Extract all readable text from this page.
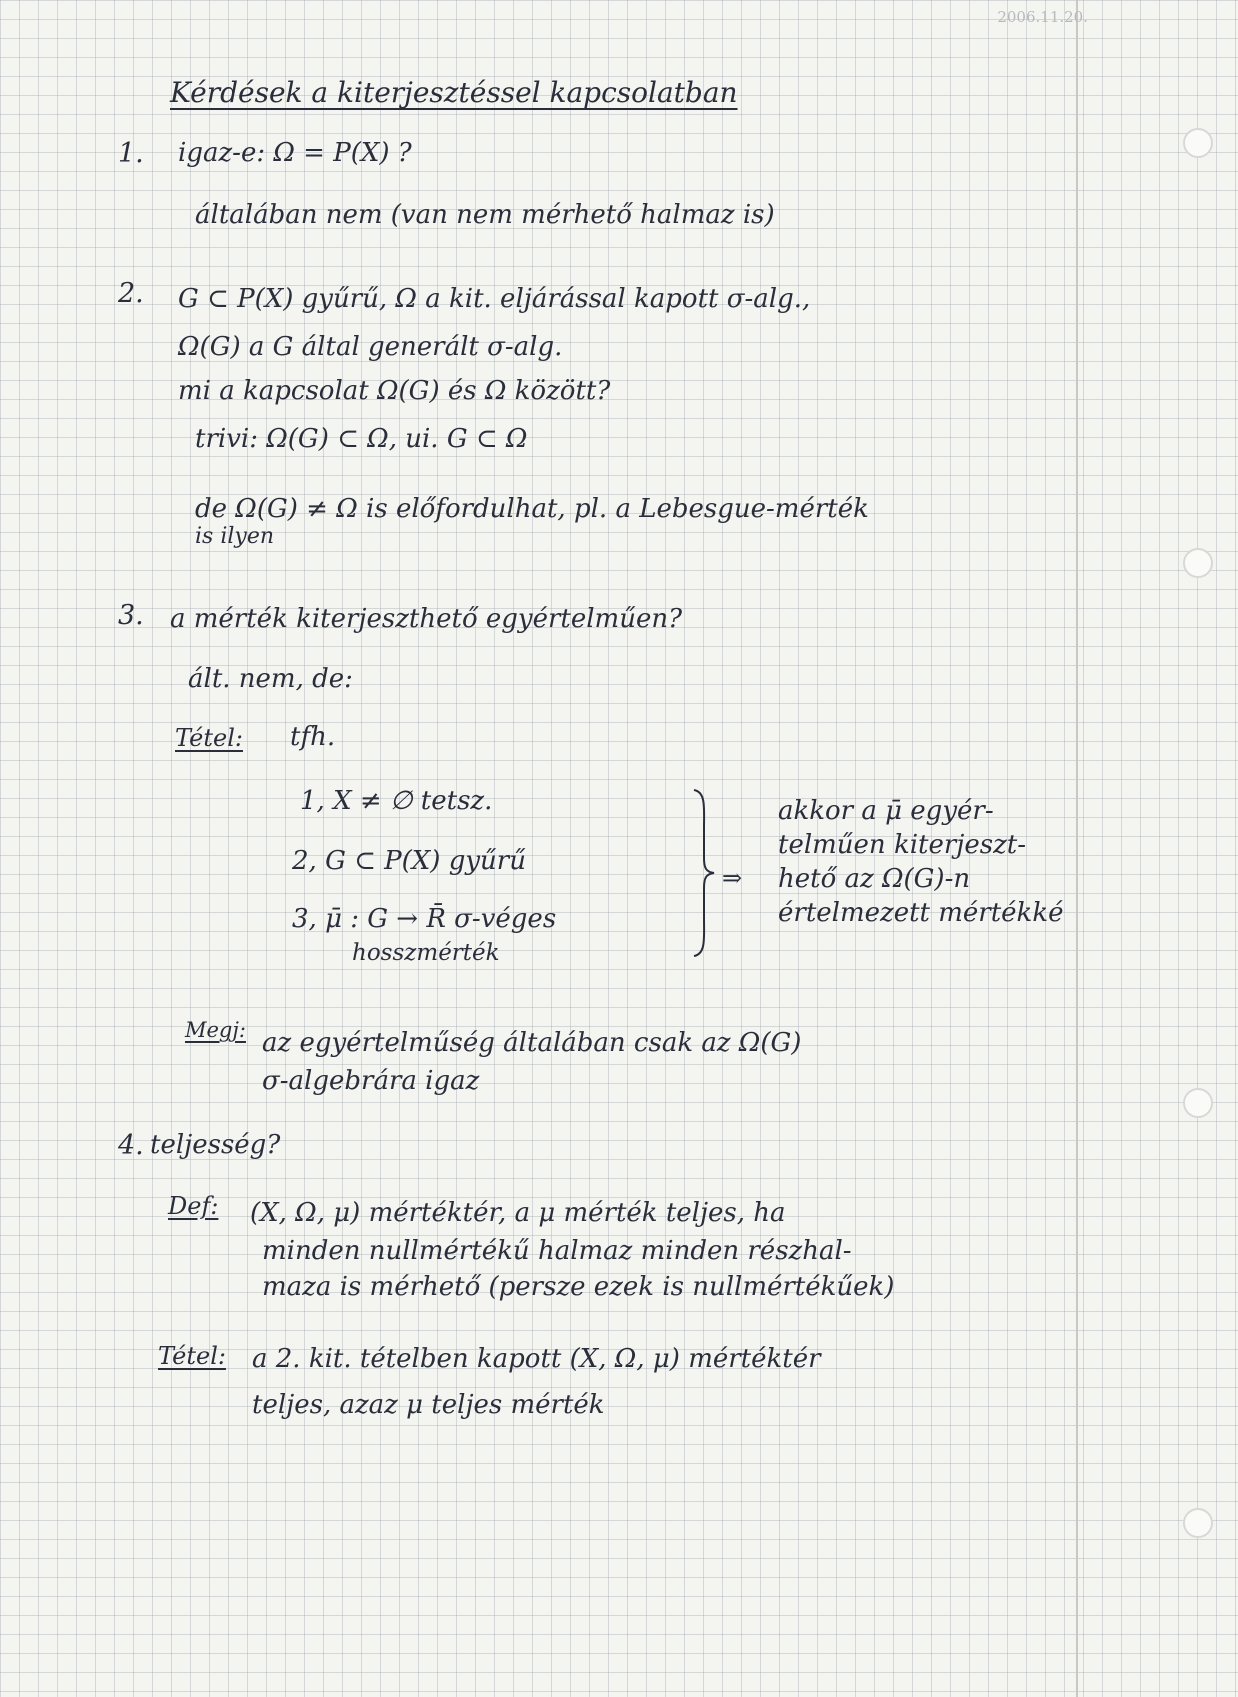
2006.11.20.
Kérdések a kiterjesztéssel kapcsolatban
1. igaz-e: Ω = P(X) ?
általában nem (van nem mérhető halmaz is)
2. G ⊂ P(X) gyűrű, Ω a kit. eljárással kapott σ-alg.,
Ω(G) a G által generált σ-alg.
mi a kapcsolat Ω(G) és Ω között?
trivi: Ω(G) ⊂ Ω, ui. G ⊂ Ω
de Ω(G) ≠ Ω is előfordulhat, pl. a Lebesgue-mérték
is ilyen
3. a mérték kiterjeszthető egyértelműen?
ált. nem, de:
Tétel: tfh.
1, X ≠ ∅ tetsz.
2, G ⊂ P(X) gyűrű
3, μ̄ : G → R̄ σ-véges
hosszmérték
⇒
akkor a μ̄ egyér-
telműen kiterjeszt-
hető az Ω(G)-n
értelmezett mértékké
Megj: az egyértelműség általában csak az Ω(G)
σ-algebrára igaz
4. teljesség?
Def: (X, Ω, μ) mértéktér, a μ mérték teljes, ha
minden nullmértékű halmaz minden részhal-
maza is mérhető (persze ezek is nullmértékűek)
Tétel: a 2. kit. tételben kapott (X, Ω, μ) mértéktér
teljes, azaz μ teljes mérték
